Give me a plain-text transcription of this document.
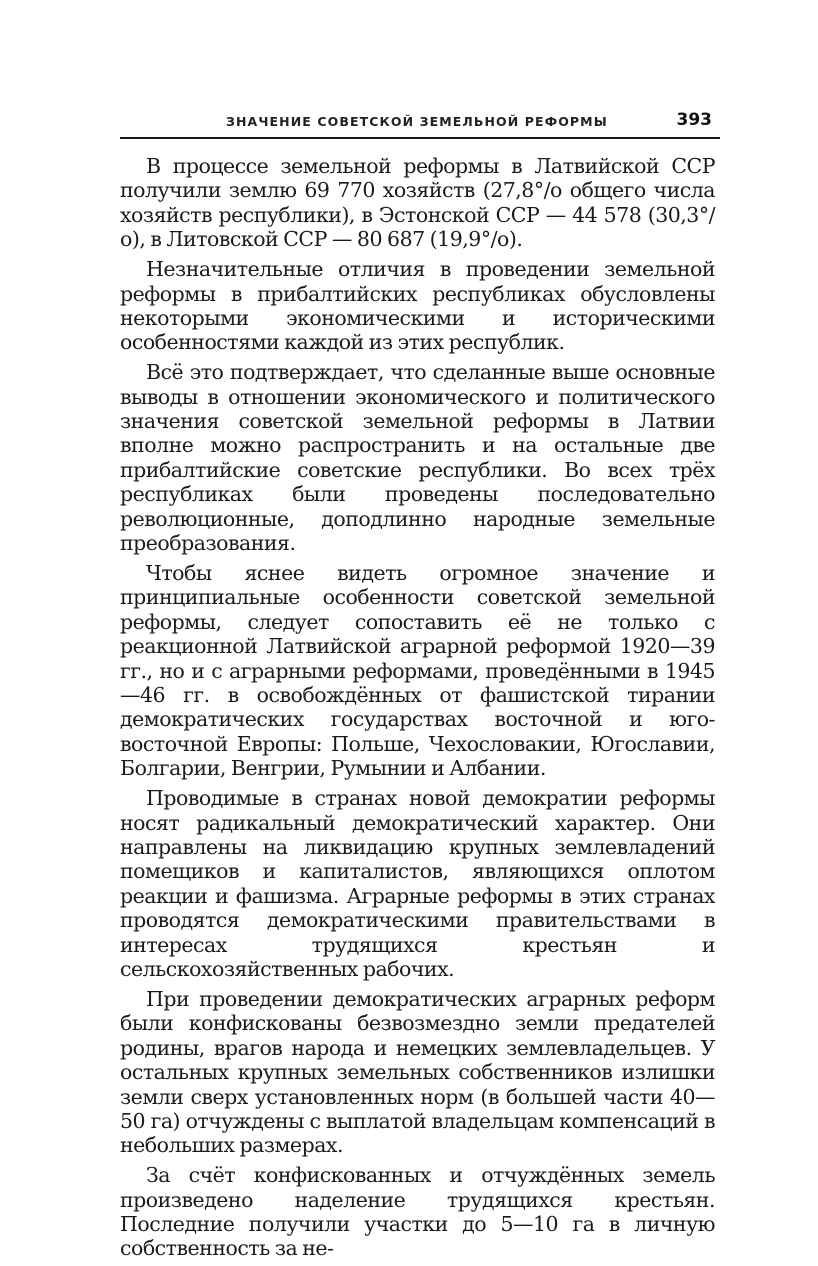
ЗНАЧЕНИЕ СОВЕТСКОЙ ЗЕМЕЛЬНОЙ РЕФОРМЫ	393

В процессе земельной реформы в Латвийской ССР получили землю 69 770 хозяйств (27,8°/о общего числа хозяйств республики), в Эстонской ССР — 44 578 (30,3°/о), в Литовской ССР — 80 687 (19,9°/о).

Незначительные отличия в проведении земельной реформы в прибалтийских республиках обусловлены некоторыми экономическими и историческими особенностями каждой из этих республик.

Всё это подтверждает, что сделанные выше основные выводы в отношении экономического и политического значения советской земельной реформы в Латвии вполне можно распространить и на остальные две прибалтийские советские республики. Во всех трёх республиках были проведены последовательно революционные, доподлинно народные земельные преобразования.

Чтобы яснее видеть огромное значение и принципиальные особенности советской земельной реформы, следует сопоставить её не только с реакционной Латвийской аграрной реформой 1920—39 гг., но и с аграрными реформами, проведёнными в 1945—46 гг. в освобождённых от фашистской тирании демократических государствах восточной и юго-восточной Европы: Польше, Чехословакии, Югославии, Болгарии, Венгрии, Румынии и Албании.

Проводимые в странах новой демократии реформы носят радикальный демократический характер. Они направлены на ликвидацию крупных землевладений помещиков и капиталистов, являющихся оплотом реакции и фашизма. Аграрные реформы в этих странах проводятся демократическими правительствами в интересах трудящихся крестьян и сельскохозяйственных рабочих.

При проведении демократических аграрных реформ были конфискованы безвозмездно земли предателей родины, врагов народа и немецких землевладельцев. У остальных крупных земельных собственников излишки земли сверх установленных норм (в большей части 40—50 га) отчуждены с выплатой владельцам компенсаций в небольших размерах.

За счёт конфискованных и отчуждённых земель произведено наделение трудящихся крестьян. Последние получили участки до 5—10 га в личную собственность за не-
